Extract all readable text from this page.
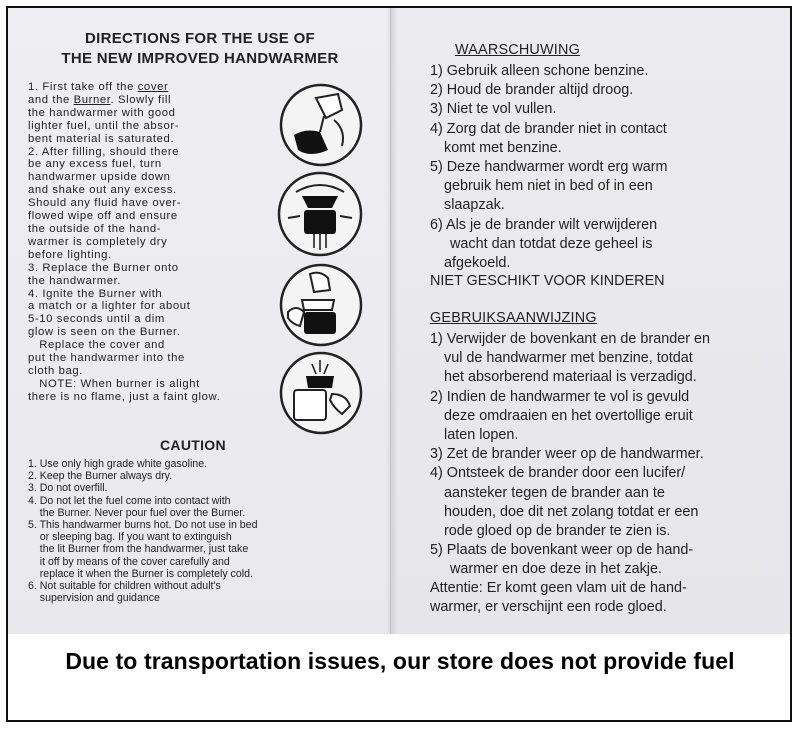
DIRECTIONS FOR THE USE OF
THE NEW IMPROVED HANDWARMER
1. First take off the cover
and the Burner. Slowly fill
the handwarmer with good
lighter fuel, until the absor-
bent material is saturated.
2. After filling, should there
be any excess fuel, turn
handwarmer upside down
and shake out any excess.
Should any fluid have over-
flowed wipe off and ensure
the outside of the hand-
warmer is completely dry
before lighting.
3. Replace the Burner onto
the handwarmer.
4. Ignite the Burner with
a match or a lighter for about
5-10 seconds until a dim
glow is seen on the Burner.
Replace the cover and
put the handwarmer into the
cloth bag.
NOTE: When burner is alight
there is no flame, just a faint glow.
CAUTION
1. Use only high grade white gasoline.
2. Keep the Burner always dry.
3. Do not overfill.
4. Do not let the fuel come into contact with
the Burner. Never pour fuel over the Burner.
5. This handwarmer burns hot. Do not use in bed
or sleeping bag. If you want to extinguish
the lit Burner from the handwarmer, just take
it off by means of the cover carefully and
replace it when the Burner is completely cold.
6. Not suitable for children without adult's
supervision and guidance
WAARSCHUWING
1) Gebruik alleen schone benzine.
2) Houd de brander altijd droog.
3) Niet te vol vullen.
4) Zorg dat de brander niet in contact
komt met benzine.
5) Deze handwarmer wordt erg warm
gebruik hem niet in bed of in een
slaapzak.
6) Als je de brander wilt verwijderen
wacht dan totdat deze geheel is
afgekoeld.
NIET GESCHIKT VOOR KINDEREN
GEBRUIKSAANWIJZING
1) Verwijder de bovenkant en de brander en
vul de handwarmer met benzine, totdat
het absorberend materiaal is verzadigd.
2) Indien de handwarmer te vol is gevuld
deze omdraaien en het overtollige eruit
laten lopen.
3) Zet de brander weer op de handwarmer.
4) Ontsteek de brander door een lucifer/
aansteker tegen de brander aan te
houden, doe dit net zolang totdat er een
rode gloed op de brander te zien is.
5) Plaats de bovenkant weer op de hand-
warmer en doe deze in het zakje.
Attentie: Er komt geen vlam uit de hand-
warmer, er verschijnt een rode gloed.
Due to transportation issues, our store does not provide fuel
